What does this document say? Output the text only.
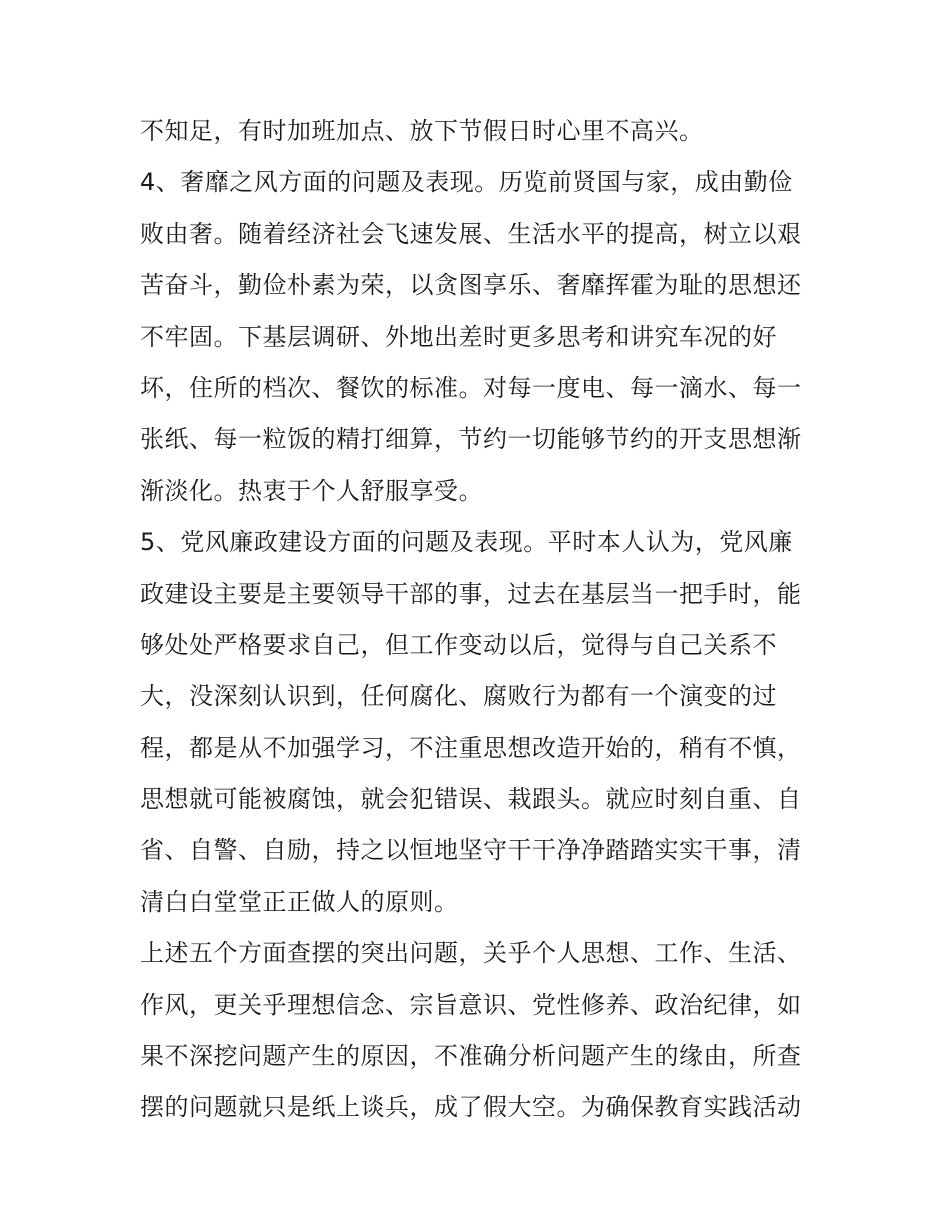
不知足，有时加班加点、放下节假日时心里不高兴。
4、奢靡之风方面的问题及表现。历览前贤国与家，成由勤俭
败由奢。随着经济社会飞速发展、生活水平的提高，树立以艰
苦奋斗，勤俭朴素为荣，以贪图享乐、奢靡挥霍为耻的思想还
不牢固。下基层调研、外地出差时更多思考和讲究车况的好
坏，住所的档次、餐饮的标准。对每一度电、每一滴水、每一
张纸、每一粒饭的精打细算，节约一切能够节约的开支思想渐
渐淡化。热衷于个人舒服享受。
5、党风廉政建设方面的问题及表现。平时本人认为，党风廉
政建设主要是主要领导干部的事，过去在基层当一把手时，能
够处处严格要求自己，但工作变动以后，觉得与自己关系不
大，没深刻认识到，任何腐化、腐败行为都有一个演变的过
程，都是从不加强学习，不注重思想改造开始的，稍有不慎，
思想就可能被腐蚀，就会犯错误、栽跟头。就应时刻自重、自
省、自警、自励，持之以恒地坚守干干净净踏踏实实干事，清
清白白堂堂正正做人的原则。
上述五个方面查摆的突出问题，关乎个人思想、工作、生活、
作风，更关乎理想信念、宗旨意识、党性修养、政治纪律，如
果不深挖问题产生的原因，不准确分析问题产生的缘由，所查
摆的问题就只是纸上谈兵，成了假大空。为确保教育实践活动
